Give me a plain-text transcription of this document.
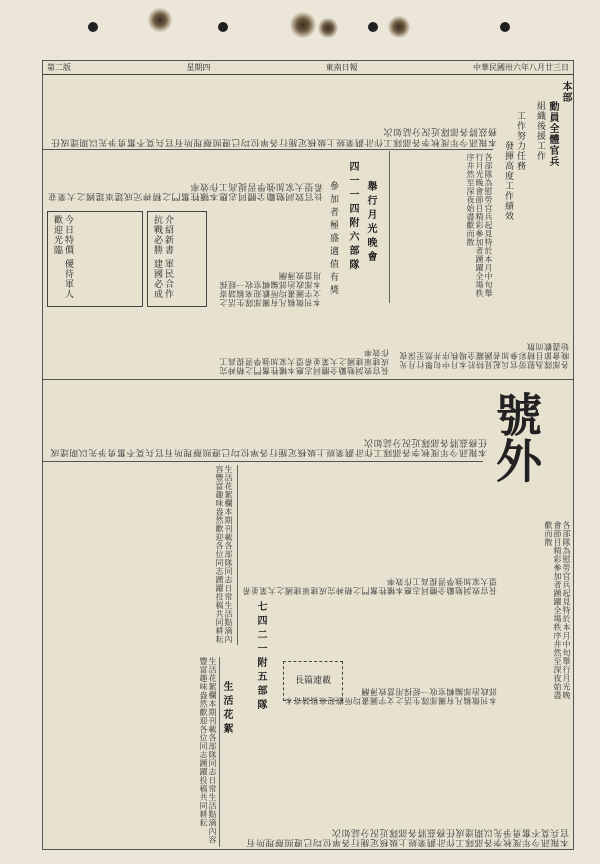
第二版	星期四	東南日報	中華民國卅六年八月廿三日
本部
動員全體官兵
組織後援工作
工作努力任務
發揮高度工作績效
本報訊今年度秋季各部隊工作計劃業經上級核定施行各單位均已遵照辦理所有官兵莫不奮勇爭先以期達成任務茲將各部隊近況分誌如次
各部隊為慰勞官兵起見特於本月中旬舉行月光晚會節目精彩參加者踴躍全場秩序井然至深夜始盡歡而散
四一一四附六部隊 舉行月光晚會
參加者極盛適值有獎
長官致詞勉勵全體同志應本犧牲奮鬥之精神完成建軍建國之大業並希望大家加強學習提高工作效率
今日特價 優待軍人 歡迎光臨	介紹新書 軍民合作 抗戰必勝 建國必成
本刊徵稿凡有關部隊生活之文字圖畫均所歡迎來稿請寄本部政治部編輯室收一經採用當致薄酬
長官致詞勉勵全體同志應本犧牲奮鬥之精神完成建軍建國之大業並希望大家加強學習提高工作效率
各部隊為慰勞官兵起見特於本月中旬舉行月光晚會節目精彩參加者踴躍全場秩序井然至深夜始盡歡而散
本報訊今年度秋季各部隊工作計劃業經上級核定施行各單位均已遵照辦理所有官兵莫不奮勇爭先以期達成任務茲將各部隊近況分誌如次 號外
生活花絮欄本期刊載各部隊同志日常生活點滴內容豐富趣味盎然歡迎各位同志踴躍投稿共同耕耘
七四二一附五部隊
生活花絮
長官致詞勉勵全體同志應本犧牲奮鬥之精神完成建軍建國之大業並希望大家加強學習提高工作效率
本刊徵稿凡有關部隊生活之文字圖畫均所歡迎來稿請寄本部政治部編輯室收一經採用當致薄酬	各部隊為慰勞官兵起見特於本月中旬舉行月光晚會節目精彩參加者踴躍全場秩序井然至深夜始盡歡而散
生活花絮欄本期刊載各部隊同志日常生活點滴內容豐富趣味盎然歡迎各位同志踴躍投稿共同耕耘
本報訊今年度秋季各部隊工作計劃業經上級核定施行各單位均已遵照辦理所有官兵莫不奮勇爭先以期達成任務茲將各部隊近況分誌如次
長篇連載
